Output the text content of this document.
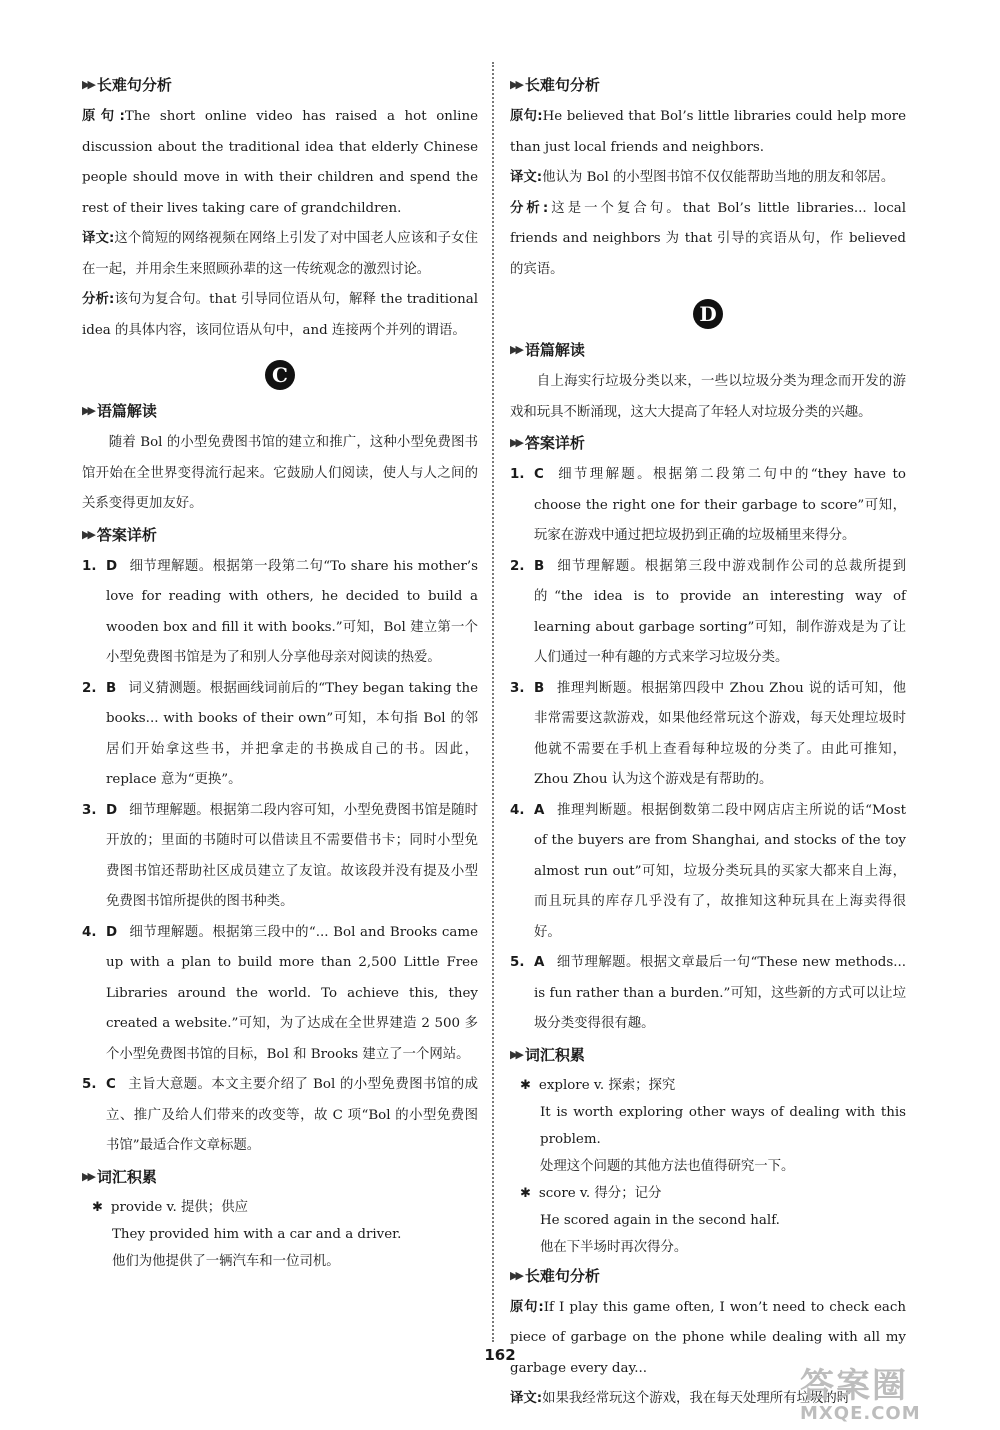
▶▶ 长难句分析

原句:The short online video has raised a hot online discussion about the traditional idea that elderly Chinese people should move in with their children and spend the rest of their lives taking care of grandchildren.

译文:这个简短的网络视频在网络上引发了对中国老人应该和子女住在一起，并用余生来照顾孙辈的这一传统观念的激烈讨论。

分析:该句为复合句。that 引导同位语从句，解释 the traditional idea 的具体内容，该同位语从句中，and 连接两个并列的谓语。

C
▶▶ 语篇解读

随着 Bol 的小型免费图书馆的建立和推广，这种小型免费图书馆开始在全世界变得流行起来。它鼓励人们阅读，使人与人之间的关系变得更加友好。

▶▶ 答案详析
1. D 细节理解题。根据第一段第二句“To share his mother’s love for reading with others, he decided to build a wooden box and fill it with books.”可知，Bol 建立第一个小型免费图书馆是为了和别人分享他母亲对阅读的热爱。
2. B 词义猜测题。根据画线词前后的“They began taking the books... with books of their own”可知，本句指 Bol 的邻居们开始拿这些书，并把拿走的书换成自己的书。因此，replace 意为“更换”。
3. D 细节理解题。根据第二段内容可知，小型免费图书馆是随时开放的；里面的书随时可以借读且不需要借书卡；同时小型免费图书馆还帮助社区成员建立了友谊。故该段并没有提及小型免费图书馆所提供的图书种类。
4. D 细节理解题。根据第三段中的“... Bol and Brooks came up with a plan to build more than 2,500 Little Free Libraries around the world. To achieve this, they created a website.”可知，为了达成在全世界建造 2 500 多个小型免费图书馆的目标，Bol 和 Brooks 建立了一个网站。
5. C 主旨大意题。本文主要介绍了 Bol 的小型免费图书馆的成立、推广及给人们带来的改变等，故 C 项“Bol 的小型免费图书馆”最适合作文章标题。
▶▶ 词汇积累
✱ provide v. 提供；供应
They provided him with a car and a driver.
他们为他提供了一辆汽车和一位司机。
▶▶ 长难句分析

原句:He believed that Bol’s little libraries could help more than just local friends and neighbors.

译文:他认为 Bol 的小型图书馆不仅仅能帮助当地的朋友和邻居。

分析:这是一个复合句。that Bol’s little libraries... local friends and neighbors 为 that 引导的宾语从句，作 believed 的宾语。

D
▶▶ 语篇解读

自上海实行垃圾分类以来，一些以垃圾分类为理念而开发的游戏和玩具不断涌现，这大大提高了年轻人对垃圾分类的兴趣。

▶▶ 答案详析
1. C 细节理解题。根据第二段第二句中的“they have to choose the right one for their garbage to score”可知，玩家在游戏中通过把垃圾扔到正确的垃圾桶里来得分。
2. B 细节理解题。根据第三段中游戏制作公司的总裁所提到的“the idea is to provide an interesting way of learning about garbage sorting”可知，制作游戏是为了让人们通过一种有趣的方式来学习垃圾分类。
3. B 推理判断题。根据第四段中 Zhou Zhou 说的话可知，他非常需要这款游戏，如果他经常玩这个游戏，每天处理垃圾时他就不需要在手机上查看每种垃圾的分类了。由此可推知，Zhou Zhou 认为这个游戏是有帮助的。
4. A 推理判断题。根据倒数第二段中网店店主所说的话“Most of the buyers are from Shanghai, and stocks of the toy almost run out”可知，垃圾分类玩具的买家大都来自上海，而且玩具的库存几乎没有了，故推知这种玩具在上海卖得很好。
5. A 细节理解题。根据文章最后一句“These new methods... is fun rather than a burden.”可知，这些新的方式可以让垃圾分类变得很有趣。
▶▶ 词汇积累
✱ explore v. 探索；探究
It is worth exploring other ways of dealing with this problem.
处理这个问题的其他方法也值得研究一下。
✱ score v. 得分；记分
He scored again in the second half.
他在下半场时再次得分。
▶▶ 长难句分析

原句:If I play this game often, I won’t need to check each piece of garbage on the phone while dealing with all my garbage every day...

译文:如果我经常玩这个游戏，我在每天处理所有垃圾的时

162
答案圈
MXQE.COM
